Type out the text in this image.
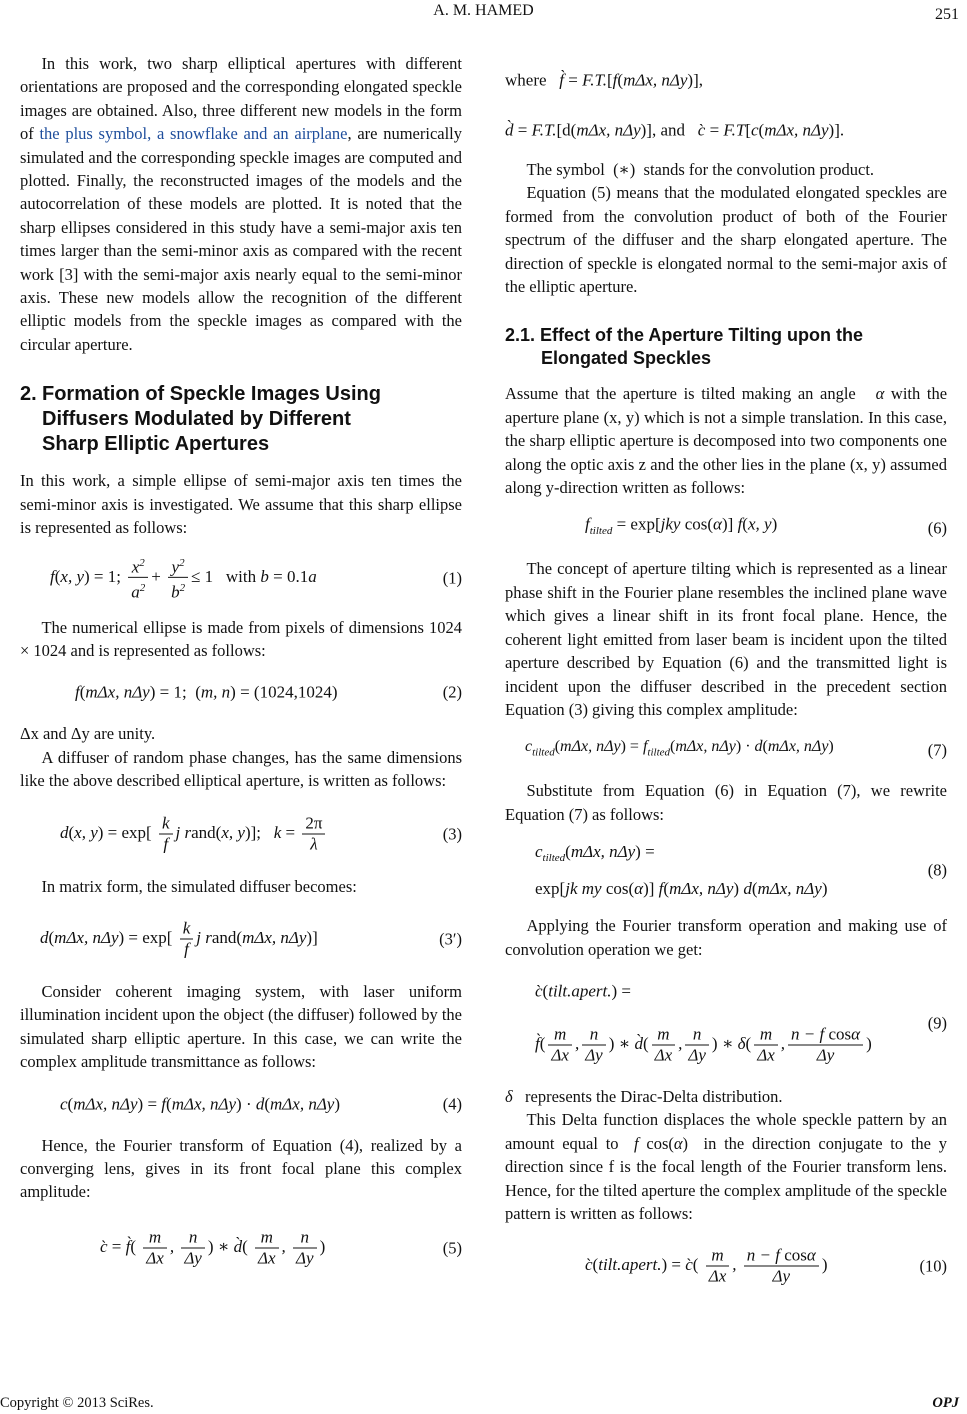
A. M. HAMED	251

In this work, two sharp elliptical apertures with different orientations are proposed and the corresponding elongated speckle images are obtained. Also, three different new models in the form of the plus symbol, a snowflake and an airplane, are numerically simulated and the corresponding speckle images are computed and plotted. Finally, the reconstructed images of the models and the autocorrelation of these models are plotted. It is noted that the sharp ellipses considered in this study have a semi-major axis ten times larger than the semi-minor axis as compared with the recent work [3] with the semi-major axis nearly equal to the semi-minor axis. These new models allow the recognition of the different elliptic models from the speckle images as compared with the circular aperture.

2. Formation of Speckle Images Using
Diffusers Modulated by Different
Sharp Elliptic Apertures

In this work, a simple ellipse of semi-major axis ten times the semi-minor axis is investigated. We assume that this sharp ellipse is represented as follows:

f(x, y) = 1; $\frac{x^2}{a^2} + \frac{y^2}{b^2} \le 1$   with b = 0.1a	(1)

The numerical ellipse is made from pixels of dimensions 1024 × 1024 and is represented as follows:

f(mΔx, nΔy) = 1;  (m, n) = (1024,1024)	(2)

Δx and Δy are unity.

A diffuser of random phase changes, has the same dimensions like the above described elliptical aperture, is written as follows:

d(x, $y) = \exp[ \frac{k}{f}$ j rand(x, y)];   $k = \frac{2\pi}{\lambda}$	(3)

In matrix form, the simulated diffuser becomes:

d(mΔx, $n\Delta y) = \exp[ \frac{k}{f}$ j rand(mΔx, nΔy)]	(3′)

Consider coherent imaging system, with laser uniform illumination incident upon the object (the diffuser) followed by the simulated sharp elliptic aperture. In this case, we can write the complex amplitude transmittance as follows:

c(mΔx, nΔy) = f(mΔx, nΔy) · d(mΔx, nΔy)	(4)

Hence, the Fourier transform of Equation (4), realized by a converging lens, gives in its front focal plane this complex amplitude:

c̀ = f̀( $\frac{m}{\Delta x}$ , $\frac{n}{\Delta y}$ ) ∗ d̀( $\frac{m}{\Delta x}$ , $\frac{n}{\Delta y}$ )	(5)
where f̀ = F.T.[f(mΔx, nΔy)],
d̀ = F.T.[d(mΔx, nΔy)], and c̀ = F.T[c(mΔx, nΔy)].

The symbol  (∗)  stands for the convolution product.

Equation (5) means that the modulated elongated speckles are formed from the convolution product of both of the Fourier spectrum of the diffuser and the sharp elongated aperture. The direction of speckle is elongated normal to the semi-major axis of the elliptic aperture.

2.1. Effect of the Aperture Tilting upon the
Elongated Speckles

Assume that the aperture is tilted making an angle α with the aperture plane (x, y) which is not a simple translation. In this case, the sharp elliptic aperture is decomposed into two components one along the optic axis z and the other lies in the plane (x, y) assumed along y-direction written as follows:

$f_{tilted} = \exp[jky$ cos(α)] f(x, y)	(6)

The concept of aperture tilting which is represented as a linear phase shift in the Fourier plane resembles the inclined plane wave which gives a linear shift in its front focal plane. Hence, the coherent light emitted from laser beam is incident upon the tilted aperture described by Equation (6) and the transmitted light is incident upon the diffuser described in the precedent section Equation (3) giving this complex amplitude:

$c_{tilted}(m\Delta x$, $n\Delta y) = f_{tilted}(m\Delta x$, nΔy) · d(mΔx, nΔy)	(7)

Substitute from Equation (6) in Equation (7), we rewrite Equation (7) as follows:

$c_{tilted}(m\Delta x$, nΔy) =
exp[jk my cos(α)] f(mΔx, nΔy) d(mΔx, nΔy)
(8)

Applying the Fourier transform operation and making use of convolution operation we get:

c̀(tilt.apert.) =

f̀( $\frac{m}{\Delta x}$ , $\frac{n}{\Delta y}$ ) ∗ d̀( $\frac{m}{\Delta x}$ , $\frac{n}{\Delta y}$ ) ∗ $\delta( \frac{m}{\Delta x}$ , $\frac{\text{n − f cosα}}{\Delta y}$ )
(9)

δ represents the Dirac-Delta distribution.

This Delta function displaces the whole speckle pattern by an amount equal to f cos(α)  in the direction conjugate to the y direction since f is the focal length of the Fourier transform lens. Hence, for the tilted aperture the complex amplitude of the speckle pattern is written as follows:

c̀(tilt.apert.) = c̀( $\frac{m}{\Delta x}$ , $\frac{\text{n − f cosα}}{\Delta y}$ )	(10)
Copyright © 2013 SciRes.	OPJ
